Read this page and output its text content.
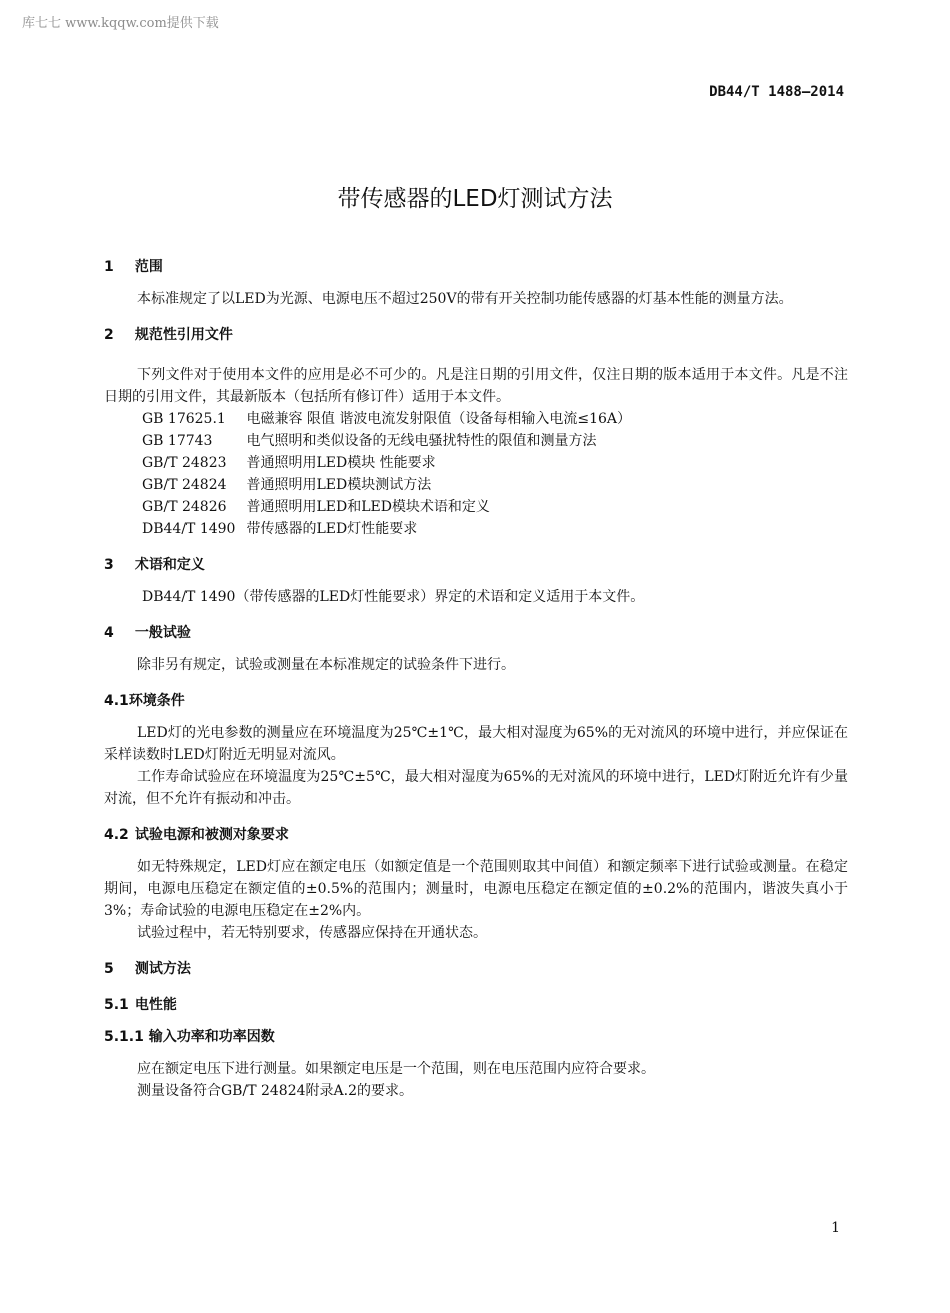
库七七 www.kqqw.com提供下载
DB44/T 1488—2014
带传感器的LED灯测试方法
1 范围

本标准规定了以LED为光源、电源电压不超过250V的带有开关控制功能传感器的灯基本性能的测量方法。

2 规范性引用文件

下列文件对于使用本文件的应用是必不可少的。凡是注日期的引用文件，仅注日期的版本适用于本文件。凡是不注日期的引用文件，其最新版本（包括所有修订件）适用于本文件。

GB 17625.1 电磁兼容 限值 谐波电流发射限值（设备每相输入电流≤16A）

GB 17743 电气照明和类似设备的无线电骚扰特性的限值和测量方法

GB/T 24823 普通照明用LED模块 性能要求

GB/T 24824 普通照明用LED模块测试方法

GB/T 24826 普通照明用LED和LED模块术语和定义

DB44/T 1490 带传感器的LED灯性能要求

3 术语和定义

DB44/T 1490（带传感器的LED灯性能要求）界定的术语和定义适用于本文件。

4 一般试验

除非另有规定，试验或测量在本标准规定的试验条件下进行。

4.1环境条件

LED灯的光电参数的测量应在环境温度为25℃±1℃，最大相对湿度为65%的无对流风的环境中进行，并应保证在采样读数时LED灯附近无明显对流风。

工作寿命试验应在环境温度为25℃±5℃，最大相对湿度为65%的无对流风的环境中进行，LED灯附近允许有少量对流，但不允许有振动和冲击。

4.2 试验电源和被测对象要求

如无特殊规定，LED灯应在额定电压（如额定值是一个范围则取其中间值）和额定频率下进行试验或测量。在稳定期间，电源电压稳定在额定值的±0.5%的范围内；测量时，电源电压稳定在额定值的±0.2%的范围内，谐波失真小于3%；寿命试验的电源电压稳定在±2%内。

试验过程中，若无特别要求，传感器应保持在开通状态。

5 测试方法
5.1 电性能
5.1.1 输入功率和功率因数

应在额定电压下进行测量。如果额定电压是一个范围，则在电压范围内应符合要求。

测量设备符合GB/T 24824附录A.2的要求。

1
